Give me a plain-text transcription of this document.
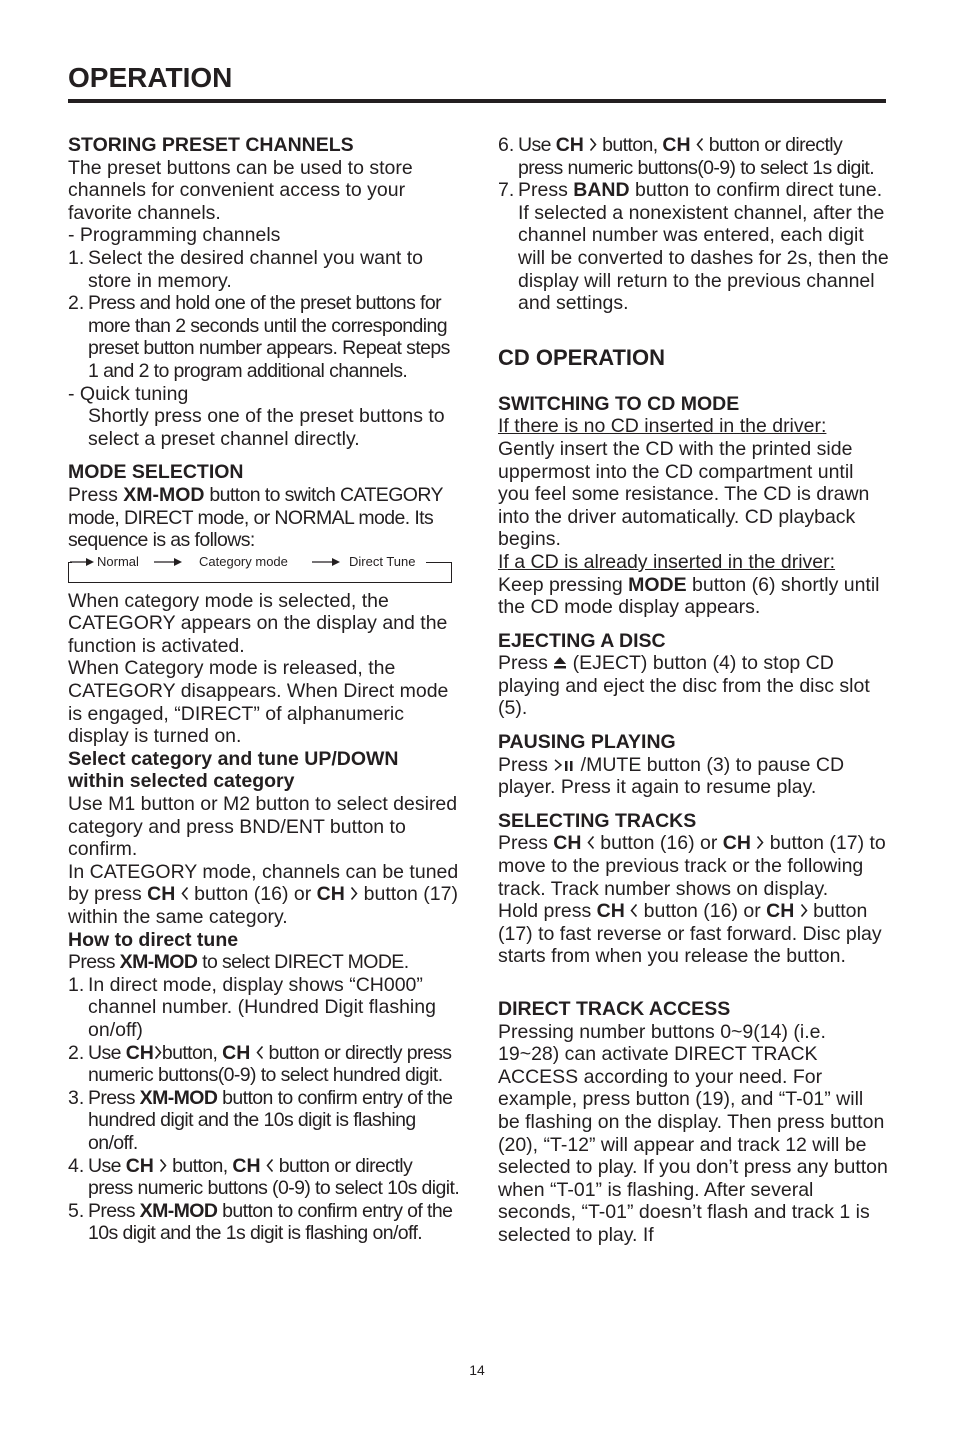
OPERATION

STORING PRESET CHANNELS

The preset buttons can be used to store channels for convenient access to your favorite channels.

- Programming channels

1. Select the desired channel you want to store in memory.
2. Press and hold one of the preset buttons for more than 2 seconds until the corresponding preset button number appears. Repeat steps 1 and 2 to program additional channels.

- Quick tuning

Shortly press one of the preset buttons to select a preset channel directly.

MODE SELECTION

Press XM-MOD button to switch CATEGORY mode, DIRECT mode, or NORMAL mode. Its sequence is as follows:

Normal	Category mode	Direct Tune

When category mode is selected, the CATEGORY appears on the display and the function is activated.

When Category mode is released, the CATEGORY disappears. When Direct mode is engaged, “DIRECT” of alphanumeric display is turned on.

Select category and tune UP/DOWN within selected category

Use M1 button or M2 button to select desired category and press BND/ENT button to confirm.

In CATEGORY mode, channels can be tuned by press CH  button (16) or CH  button (17) within the same category.

How to direct tune

Press XM-MOD to select DIRECT MODE.

1. In direct mode, display shows “CH000” channel number. (Hundred Digit flashing on/off)
2. Use CH button, CH  button or directly press numeric buttons(0-9) to select hundred digit.
3. Press XM-MOD button to confirm entry of the hundred digit and the 10s digit is flashing on/off.
4. Use CH  button, CH  button or directly press numeric buttons (0-9) to select 10s digit.
5. Press XM-MOD button to confirm entry of the 10s digit and the 1s digit is flashing on/off.
6. Use CH  button, CH  button or directly press numeric buttons(0-9) to select 1s digit.
7. Press BAND button to confirm direct tune. If selected a nonexistent channel, after the channel number was entered, each digit will be converted to dashes for 2s, then the display will return to the previous channel and settings.

CD OPERATION

SWITCHING TO CD MODE

If there is no CD inserted in the driver:

Gently insert the CD with the printed side uppermost into the CD compartment until you feel some resistance. The CD is drawn into the driver automatically. CD playback begins.

If a CD is already inserted in the driver:

Keep pressing MODE button (6) shortly until the CD mode display appears.

EJECTING A DISC

Press  (EJECT) button (4) to stop CD playing and eject the disc from the disc slot (5).

PAUSING PLAYING

Press  /MUTE button (3) to pause CD player. Press it again to resume play.

SELECTING TRACKS

Press CH  button (16) or CH  button (17) to move to the previous track or the following track. Track number shows on display.

Hold press CH  button (16) or CH  button (17) to fast reverse or fast forward. Disc play starts from when you release the button.

DIRECT TRACK ACCESS

Pressing number buttons 0~9(14) (i.e. 19~28) can activate DIRECT TRACK ACCESS according to your need. For example, press button (19), and “T-01” will be flashing on the display. Then press button (20), “T-12” will appear and track 12 will be selected to play. If you don’t press any button when “T-01” is flashing. After several seconds, “T-01” doesn’t flash and track 1 is selected to play. If

14
